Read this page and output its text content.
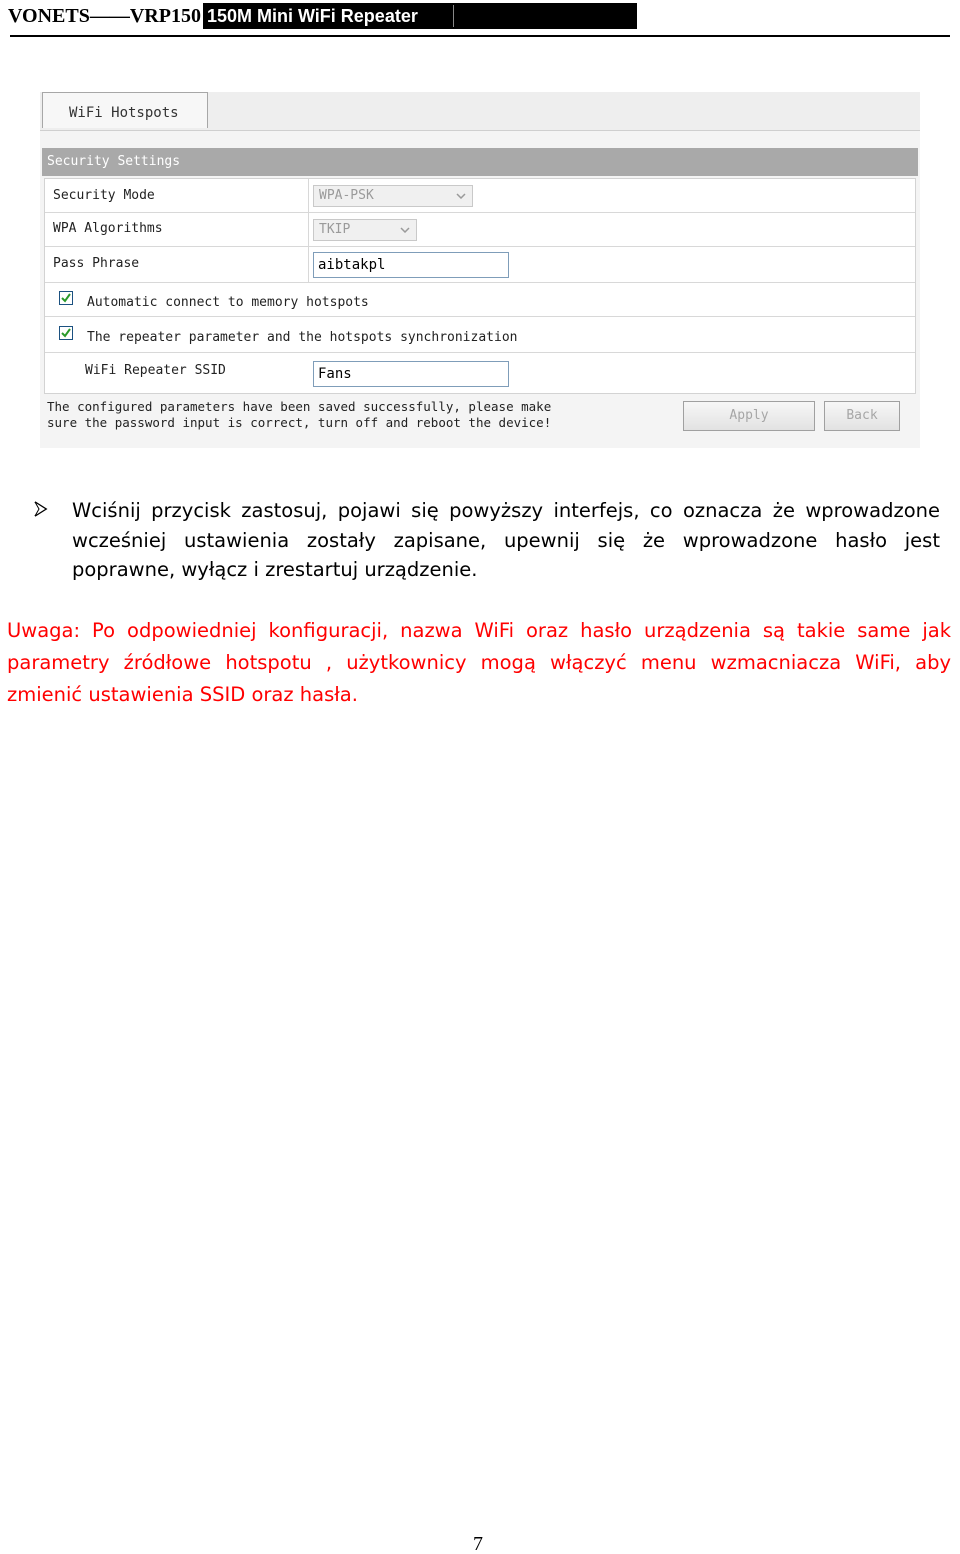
VONETS——VRP150 150M Mini WiFi Repeater
WiFi Hotspots
Security Settings
Security Mode	WPA-PSK
WPA Algorithms	TKIP
Pass Phrase	aibtakpl
Automatic connect to memory hotspots
The repeater parameter and the hotspots synchronization
WiFi Repeater SSID	Fans
The configured parameters have been saved successfully, please make sure the password input is correct, turn off and reboot the device!	Apply	Back

Wciśnij przycisk zastosuj, pojawi się powyższy interfejs, co oznacza że wprowadzone wcześniej ustawienia zostały zapisane, upewnij się że wprowadzone hasło jest poprawne, wyłącz i zrestartuj urządzenie.

Uwaga: Po odpowiedniej konfiguracji, nazwa WiFi oraz hasło urządzenia są takie same jak parametry źródłowe hotspotu , użytkownicy mogą włączyć menu wzmacniacza WiFi, aby zmienić ustawienia SSID oraz hasła.

7
